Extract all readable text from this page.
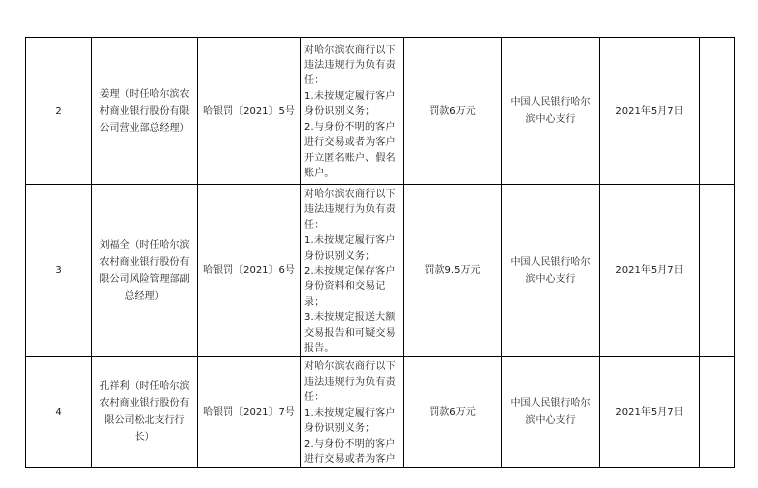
2	姜理（时任哈尔滨农村商业银行股份有限公司营业部总经理）	哈银罚〔2021〕5号	对哈尔滨农商行以下违法违规行为负有责任：
1.未按规定履行客户身份识别义务；
2.与身份不明的客户进行交易或者为客户开立匿名账户、假名账户。	罚款6万元	中国人民银行哈尔滨中心支行	2021年5月7日	

3	刘福全（时任哈尔滨农村商业银行股份有限公司风险管理部副总经理）	哈银罚〔2021〕6号	对哈尔滨农商行以下违法违规行为负有责任：
1.未按规定履行客户身份识别义务；
2.未按规定保存客户身份资料和交易记录；
3.未按规定报送大额交易报告和可疑交易报告。	罚款9.5万元	中国人民银行哈尔滨中心支行	2021年5月7日	

4	孔祥利（时任哈尔滨农村商业银行股份有限公司松北支行行长）	哈银罚〔2021〕7号	对哈尔滨农商行以下违法违规行为负有责任：
1.未按规定履行客户身份识别义务；
2.与身份不明的客户进行交易或者为客户	罚款6万元	中国人民银行哈尔滨中心支行	2021年5月7日	
